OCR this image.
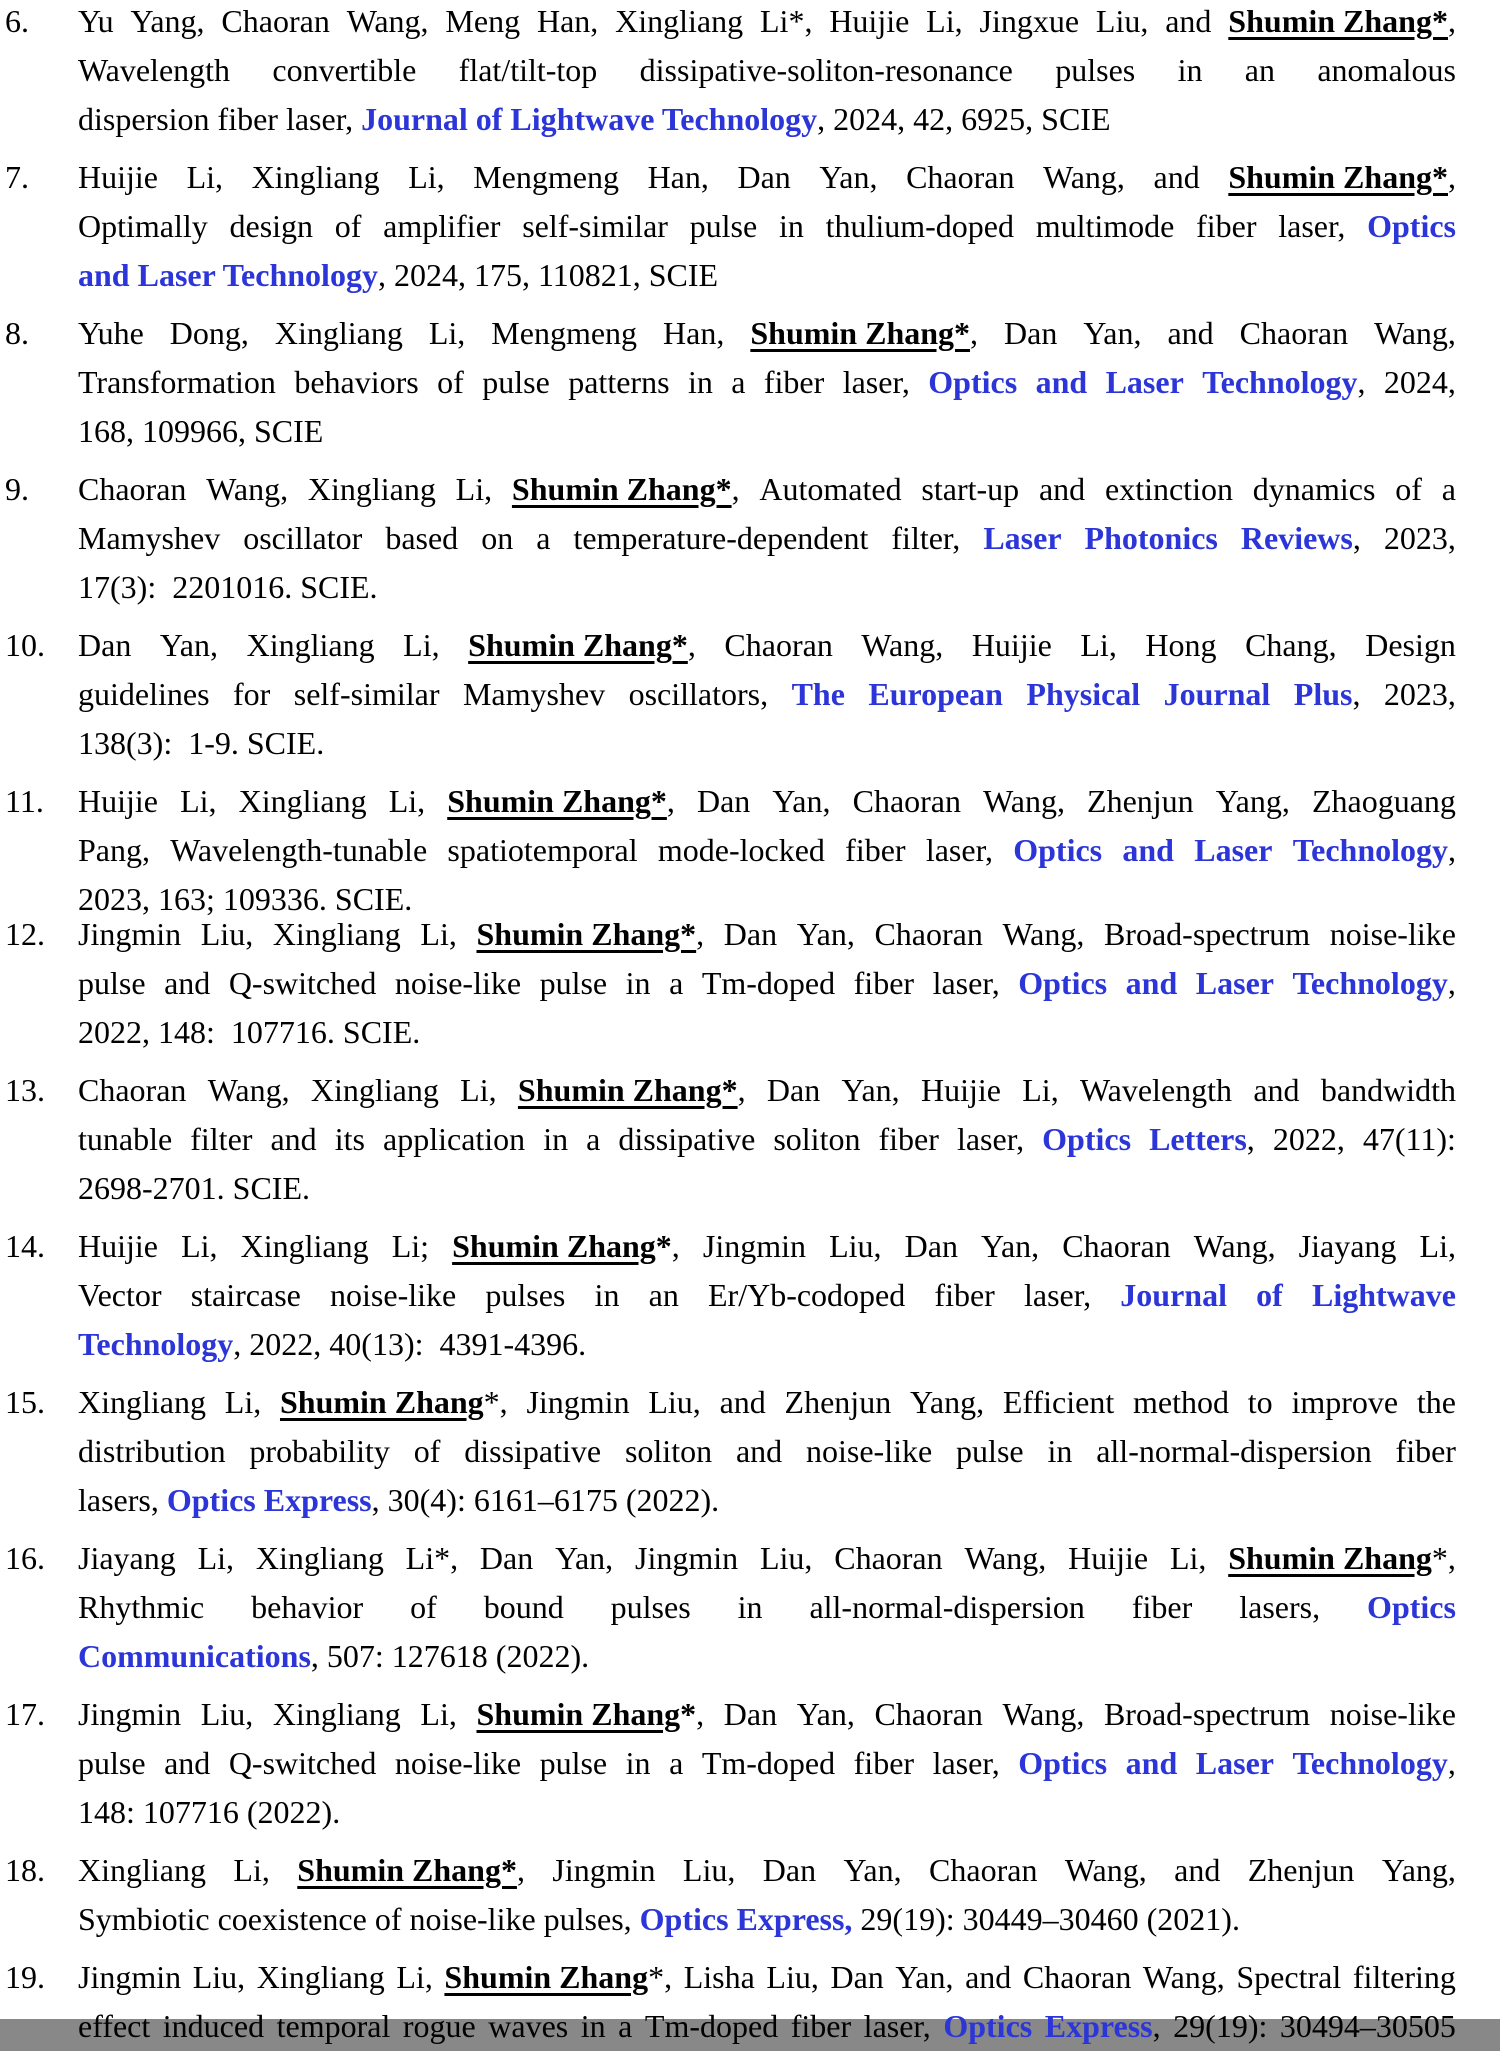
6.	Yu Yang, Chaoran Wang, Meng Han, Xingliang Li*, Huijie Li, Jingxue Liu, and Shumin Zhang*,
Wavelength convertible flat/tilt-top dissipative-soliton-resonance pulses in an anomalous
dispersion fiber laser, Journal of Lightwave Technology, 2024, 42, 6925, SCIE
7.	Huijie Li, Xingliang Li, Mengmeng Han, Dan Yan, Chaoran Wang, and Shumin Zhang*,
Optimally design of amplifier self-similar pulse in thulium-doped multimode fiber laser, Optics
and Laser Technology, 2024, 175, 110821, SCIE
8.	Yuhe Dong, Xingliang Li, Mengmeng Han, Shumin Zhang*, Dan Yan, and Chaoran Wang,
Transformation behaviors of pulse patterns in a fiber laser, Optics and Laser Technology, 2024,
168, 109966, SCIE
9.	Chaoran Wang, Xingliang Li, Shumin Zhang*, Automated start-up and extinction dynamics of a
Mamyshev oscillator based on a temperature-dependent filter, Laser Photonics Reviews, 2023,
17(3):  2201016. SCIE.
10.	Dan Yan, Xingliang Li, Shumin Zhang*, Chaoran Wang, Huijie Li, Hong Chang, Design
guidelines for self-similar Mamyshev oscillators, The European Physical Journal Plus, 2023,
138(3):  1-9. SCIE.
11.	Huijie Li, Xingliang Li, Shumin Zhang*, Dan Yan, Chaoran Wang, Zhenjun Yang, Zhaoguang
Pang, Wavelength-tunable spatiotemporal mode-locked fiber laser, Optics and Laser Technology,
2023, 163; 109336. SCIE.
12.	Jingmin Liu, Xingliang Li, Shumin Zhang*, Dan Yan, Chaoran Wang, Broad-spectrum noise-like
pulse and Q-switched noise-like pulse in a Tm-doped fiber laser, Optics and Laser Technology,
2022, 148:  107716. SCIE.
13.	Chaoran Wang, Xingliang Li, Shumin Zhang*, Dan Yan, Huijie Li, Wavelength and bandwidth
tunable filter and its application in a dissipative soliton fiber laser, Optics Letters, 2022, 47(11):
2698-2701. SCIE.
14.	Huijie Li, Xingliang Li; Shumin Zhang*, Jingmin Liu, Dan Yan, Chaoran Wang, Jiayang Li,
Vector staircase noise-like pulses in an Er/Yb-codoped fiber laser, Journal of Lightwave
Technology, 2022, 40(13):  4391-4396.
15.	Xingliang Li, Shumin Zhang*, Jingmin Liu, and Zhenjun Yang, Efficient method to improve the
distribution probability of dissipative soliton and noise-like pulse in all-normal-dispersion fiber
lasers, Optics Express, 30(4): 6161–6175 (2022).
16.	Jiayang Li, Xingliang Li*, Dan Yan, Jingmin Liu, Chaoran Wang, Huijie Li, Shumin Zhang*,
Rhythmic behavior of bound pulses in all-normal-dispersion fiber lasers, Optics
Communications, 507: 127618 (2022).
17.	Jingmin Liu, Xingliang Li, Shumin Zhang*, Dan Yan, Chaoran Wang, Broad-spectrum noise-like
pulse and Q-switched noise-like pulse in a Tm-doped fiber laser, Optics and Laser Technology,
148: 107716 (2022).
18.	Xingliang Li, Shumin Zhang*, Jingmin Liu, Dan Yan, Chaoran Wang, and Zhenjun Yang,
Symbiotic coexistence of noise-like pulses, Optics Express, 29(19): 30449–30460 (2021).
19.	Jingmin Liu, Xingliang Li, Shumin Zhang*, Lisha Liu, Dan Yan, and Chaoran Wang, Spectral filtering
effect induced temporal rogue waves in a Tm-doped fiber laser, Optics Express, 29(19): 30494–30505
